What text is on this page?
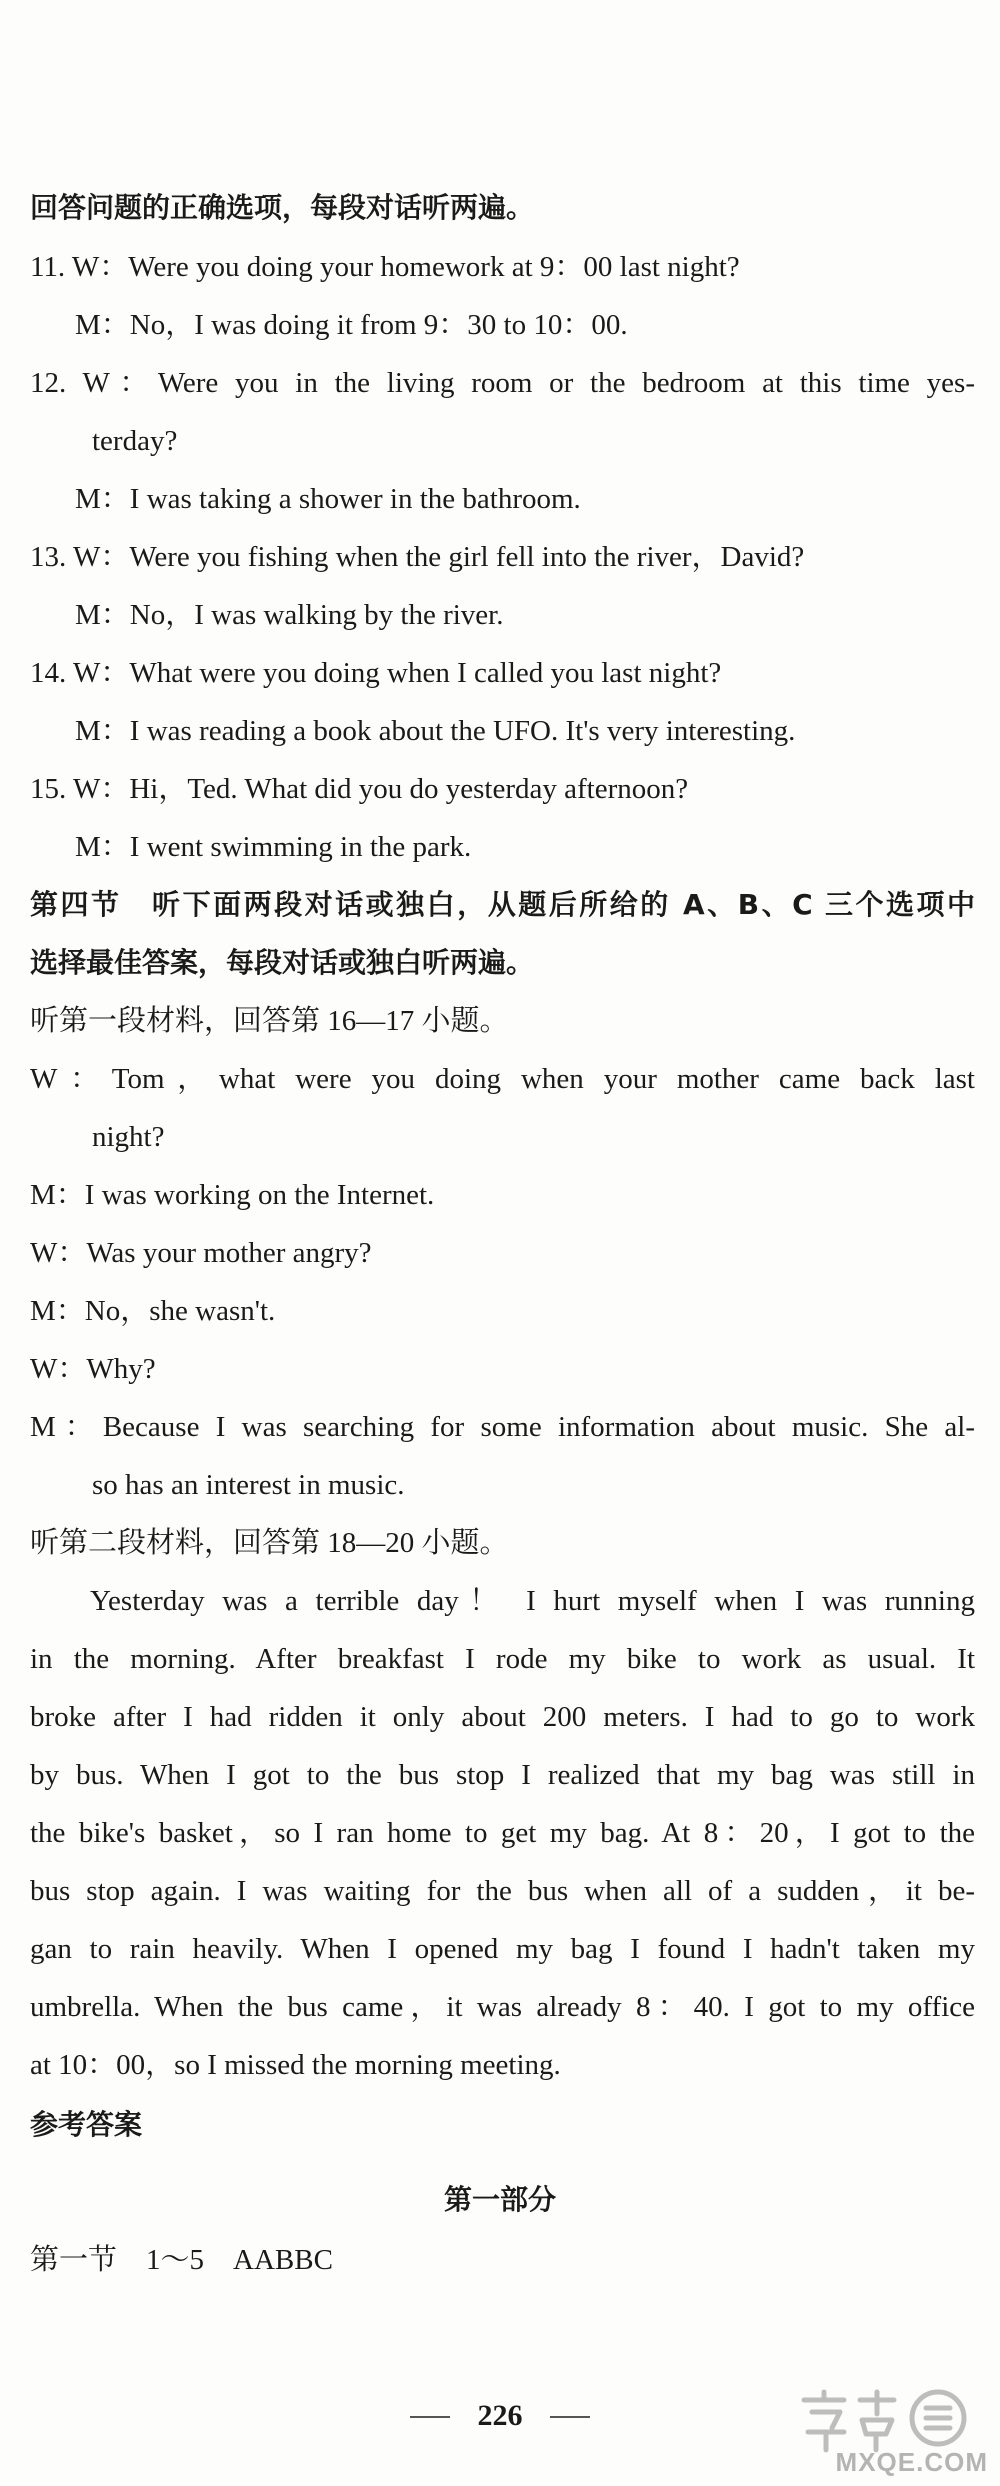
回答问题的正确选项，每段对话听两遍。
11. W：Were you doing your homework at 9：00 last night?
M：No，I was doing it from 9：30 to 10：00.
12. W：Were you in the living room or the bedroom at this time yes-
terday?
M：I was taking a shower in the bathroom.
13. W：Were you fishing when the girl fell into the river，David?
M：No，I was walking by the river.
14. W：What were you doing when I called you last night?
M：I was reading a book about the UFO. It's very interesting.
15. W：Hi，Ted. What did you do yesterday afternoon?
M：I went swimming in the park.
第四节　听下面两段对话或独白，从题后所给的 A、B、C 三个选项中
选择最佳答案，每段对话或独白听两遍。
听第一段材料，回答第 16—17 小题。
W：Tom，what were you doing when your mother came back last
night?
M：I was working on the Internet.
W：Was your mother angry?
M：No，she wasn't.
W：Why?
M：Because I was searching for some information about music. She al-
so has an interest in music.
听第二段材料，回答第 18—20 小题。
Yesterday was a terrible day！ I hurt myself when I was running
in the morning. After breakfast I rode my bike to work as usual. It
broke after I had ridden it only about 200 meters. I had to go to work
by bus. When I got to the bus stop I realized that my bag was still in
the bike's basket，so I ran home to get my bag. At 8：20，I got to the
bus stop again. I was waiting for the bus when all of a sudden，it be-
gan to rain heavily. When I opened my bag I found I hadn't taken my
umbrella. When the bus came，it was already 8：40. I got to my office
at 10：00，so I missed the morning meeting.
参考答案
第一部分
第一节　1～5　AABBC
226
MXQE.COM
